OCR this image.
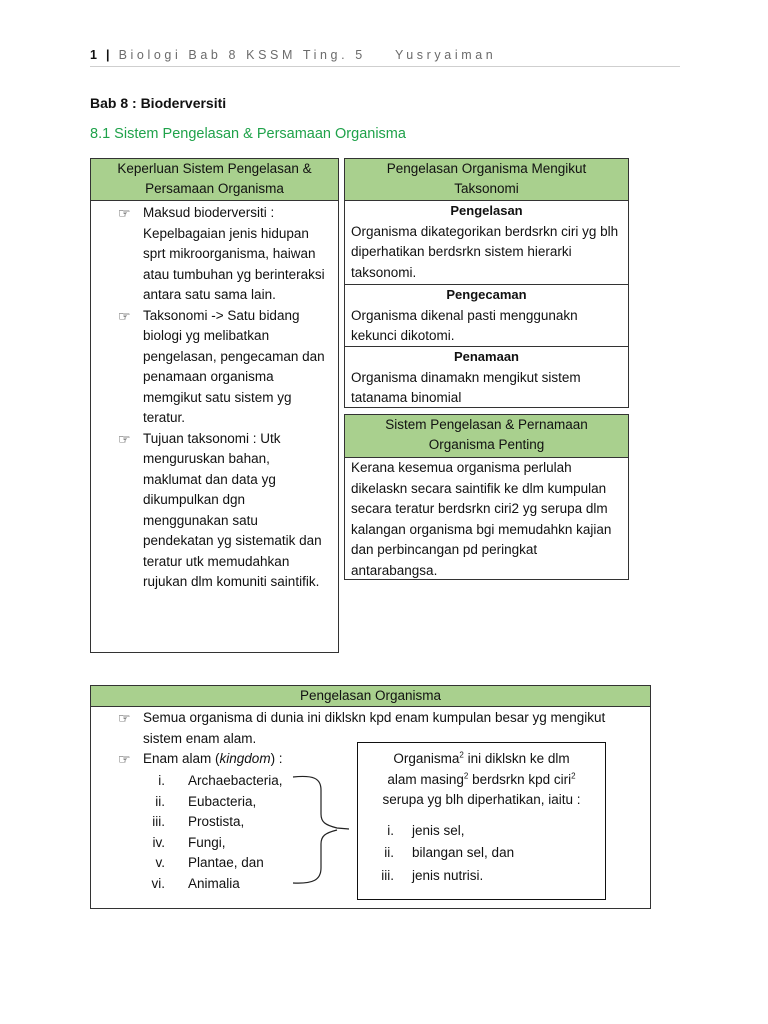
1 | Biologi Bab 8 KSSM Ting. 5 Yusryaiman
Bab 8 : Bioderversiti
8.1 Sistem Pengelasan & Persamaan Organisma
Keperluan Sistem Pengelasan &
Persamaan Organisma
☞ Maksud bioderversiti : Kepelbagaian jenis hidupan sprt mikroorganisma, haiwan atau tumbuhan yg berinteraksi antara satu sama lain.
☞ Taksonomi -> Satu bidang biologi yg melibatkan pengelasan, pengecaman dan penamaan organisma memgikut satu sistem yg teratur.
☞ Tujuan taksonomi : Utk menguruskan bahan, maklumat dan data yg dikumpulkan dgn menggunakan satu pendekatan yg sistematik dan teratur utk memudahkan rujukan dlm komuniti saintifik.
Pengelasan Organisma Mengikut
Taksonomi
Pengelasan
Organisma dikategorikan berdsrkn ciri yg blh diperhatikan berdsrkn sistem hierarki taksonomi.
Pengecaman
Organisma dikenal pasti menggunakn kekunci dikotomi.
Penamaan
Organisma dinamakn mengikut sistem tatanama binomial
Sistem Pengelasan & Pernamaan
Organisma Penting
Kerana kesemua organisma perlulah dikelaskn secara saintifik ke dlm kumpulan secara teratur berdsrkn ciri2 yg serupa dlm kalangan organisma bgi memudahkn kajian dan perbincangan pd peringkat antarabangsa.
Pengelasan Organisma
☞ Semua organisma di dunia ini diklskn kpd enam kumpulan besar yg mengikut sistem enam alam.
☞ Enam alam (kingdom) :
i. Archaebacteria,
ii. Eubacteria,
iii. Prostista,
iv. Fungi,
v. Plantae, dan
vi. Animalia
Organisma$^2$ ini diklskn ke dlm
alam masing$^2$ berdsrkn kpd ciri$^2$
serupa yg blh diperhatikan, iaitu :
i. jenis sel,
ii. bilangan sel, dan
iii. jenis nutrisi.
